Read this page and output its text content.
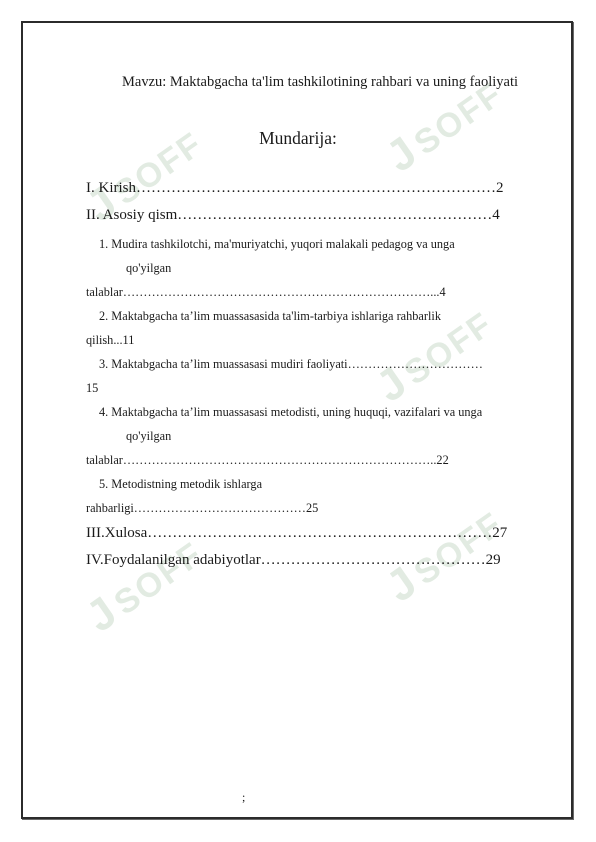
JSOFF	JSOFF
JSOFF
JSOFF	JSOFF
Mavzu: Maktabgacha ta'lim tashkilotining rahbari va uning faoliyati
Mundarija:
I. Kirish………………………………………………………………2
II. Asosiy qism………………………………………………………4
1. Mudira tashkilotchi, ma'muriyatchi, yuqori malakali pedagog va unga
qo'yilgan
talablar…………………………………………………………………...4
2. Maktabgacha ta’lim muassasasida ta'lim-tarbiya ishlariga rahbarlik
qilish...11
3. Maktabgacha ta’lim muassasasi mudiri faoliyati……………………………
15
4. Maktabgacha ta’lim muassasasi metodisti, uning huquqi, vazifalari va unga
qo'yilgan
talablar…………………………………………………………………..22
5. Metodistning metodik ishlarga
rahbarligi……………………………………25
III.Xulosa……………………………………………………………27
IV.Foydalanilgan adabiyotlar………………………………………29
;
